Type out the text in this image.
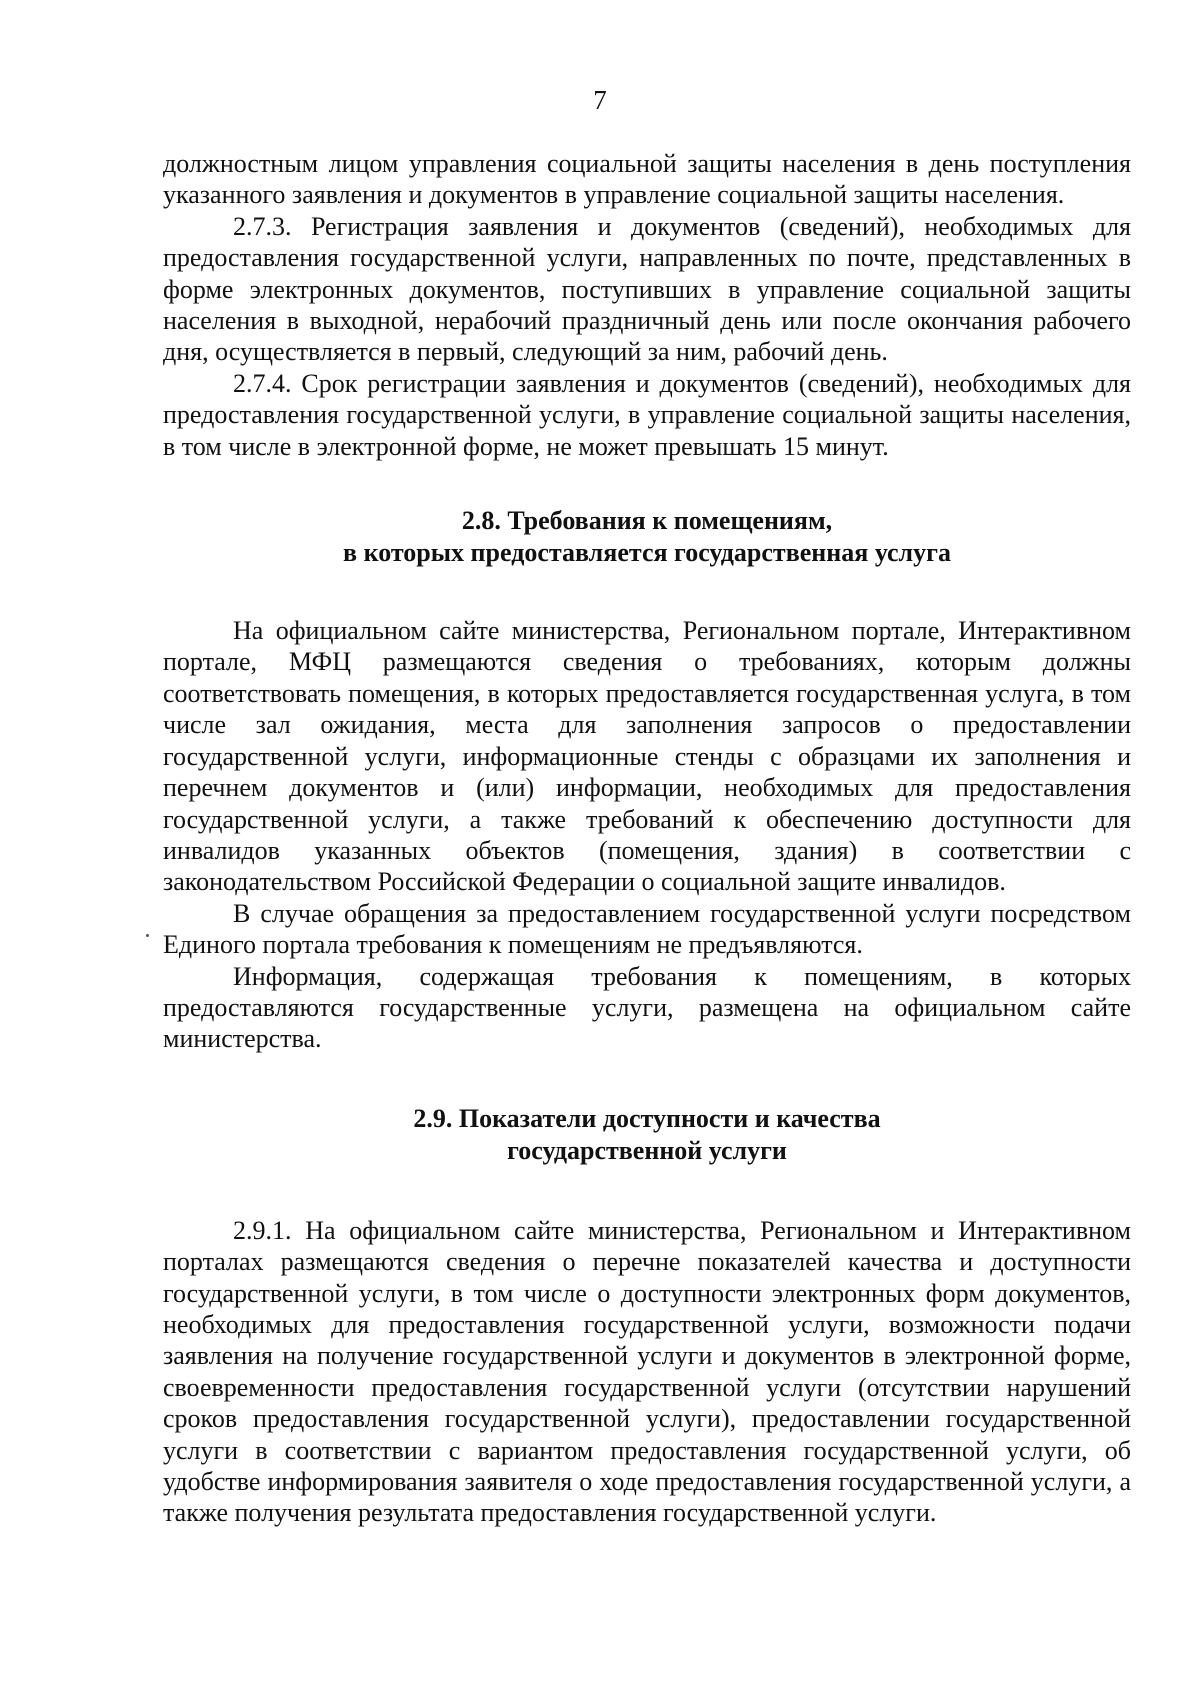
7

должностным лицом управления социальной защиты населения в день поступления указанного заявления и документов в управление социальной защиты населения.

2.7.3. Регистрация заявления и документов (сведений), необходимых для предоставления государственной услуги, направленных по почте, представленных в форме электронных документов, поступивших в управление социальной защиты населения в выходной, нерабочий праздничный день или после окончания рабочего дня, осуществляется в первый, следующий за ним, рабочий день.

2.7.4. Срок регистрации заявления и документов (сведений), необходимых для предоставления государственной услуги, в управление социальной защиты населения, в том числе в электронной форме, не может превышать 15 минут.

2.8. Требования к помещениям,
в которых предоставляется государственная услуга

На официальном сайте министерства, Региональном портале, Интерактивном портале, МФЦ размещаются сведения о требованиях, которым должны соответствовать помещения, в которых предоставляется государственная услуга, в том числе зал ожидания, места для заполнения запросов о предоставлении государственной услуги, информационные стенды с образцами их заполнения и перечнем документов и (или) информации, необходимых для предоставления государственной услуги, а также требований к обеспечению доступности для инвалидов указанных объектов (помещения, здания) в соответствии с законодательством Российской Федерации о социальной защите инвалидов.

В случае обращения за предоставлением государственной услуги посредством Единого портала требования к помещениям не предъявляются.

Информация, содержащая требования к помещениям, в которых предоставляются государственные услуги, размещена на официальном сайте министерства.

2.9. Показатели доступности и качества
государственной услуги

2.9.1. На официальном сайте министерства, Региональном и Интерактивном порталах размещаются сведения о перечне показателей качества и доступности государственной услуги, в том числе о доступности электронных форм документов, необходимых для предоставления государственной услуги, возможности подачи заявления на получение государственной услуги и документов в электронной форме, своевременности предоставления государственной услуги (отсутствии нарушений сроков предоставления государственной услуги), предоставлении государственной услуги в соответствии с вариантом предоставления государственной услуги, об удобстве информирования заявителя о ходе предоставления государственной услуги, а также получения результата предоставления государственной услуги.
